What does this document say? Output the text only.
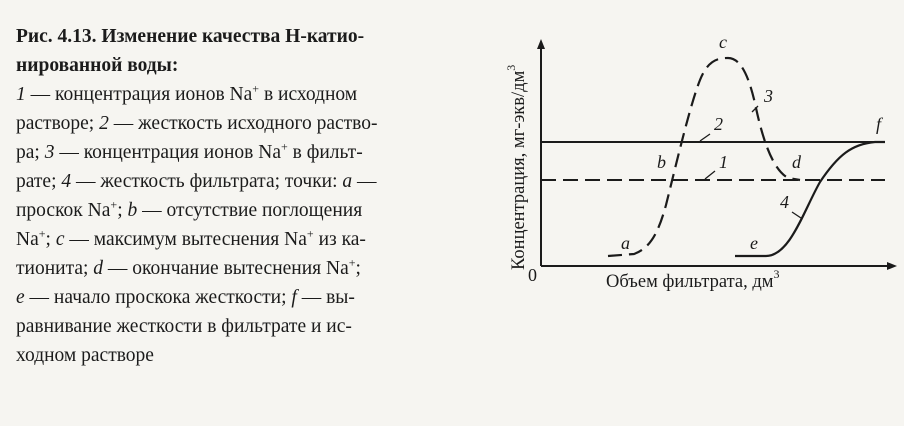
Рис. 4.13. Изменение качества Н-катио-
нированной воды:
1 — концентрация ионов Na+ в исходном
растворе; 2 — жесткость исходного раство-
ра; 3 — концентрация ионов Na+ в фильт-
рате; 4 — жесткость фильтрата; точки: a —
проскок Na+; b — отсутствие поглощения
Na+; c — максимум вытеснения Na+ из ка-
тионита; d — окончание вытеснения Na+;
e — начало проскока жесткости; f — вы-
равнивание жесткости в фильтрате и ис-
ходном растворе
0	Объем фильтрата, $дм^3$
Концентрация, $мг-экв/дм^3$
3
2
1
4
a
b
c
d
e
f
